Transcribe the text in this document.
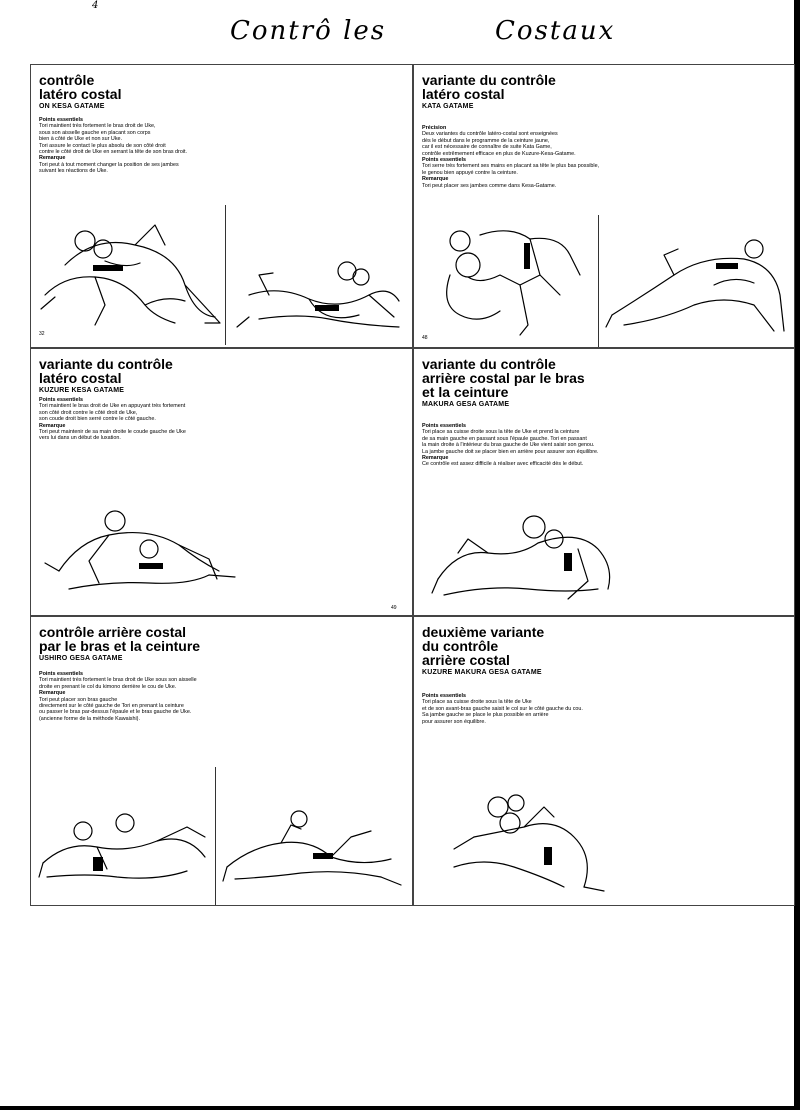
4
Contrô les	Costaux
contrôle
latéro costal
ON KESA GATAME
Points essentiels
Tori maintient très fortement le bras droit de Uke,
sous son aisselle gauche en placant son corps
bien à côté de Uke et non sur Uke.
Tori assure le contact le plus absolu de son côté droit
contre le côté droit de Uke en serrant la tête de son bras droit.
Remarque
Tori peut à tout moment changer la position de ses jambes
suivant les réactions de Uke.
32
variante du contrôle
latéro costal
KATA GATAME
Précision
Deux variantes du contrôle latéro-costal sont enseignées
dès le début dans le programme de la ceinture jaune,
car il est nécessaire de connaître de suite Kata Game,
contrôle extrêmement efficace en plus de Kuzure-Kesa-Gatame.
Points essentiels
Tori serre très fortement ses mains en placant sa tête le plus bas possible,
le genou bien appuyé contre la ceinture.
Remarque
Tori peut placer ses jambes comme dans Kesa-Gatame.
48
variante du contrôle
latéro costal
KUZURE KESA GATAME
Points essentiels
Tori maintient le bras droit de Uke en appuyant très fortement
son côté droit contre le côté droit de Uke,
son coude droit bien serré contre le côté gauche.
Remarque
Tori peut maintenir de sa main droite le coude gauche de Uke
vers lui dans un début de luxation.
49
variante du contrôle
arrière costal par le bras
et la ceinture
MAKURA GESA GATAME
Points essentiels
Tori place sa cuisse droite sous la tête de Uke et prend la ceinture
de sa main gauche en passant sous l'épaule gauche. Tori en passant
la main droite à l'intérieur du bras gauche de Uke vient saisir son genou.
La jambe gauche doit se placer bien en arrière pour assurer son équilibre.
Remarque
Ce contrôle est assez difficile à réaliser avec efficacité dès le début.
contrôle arrière costal
par le bras et la ceinture
USHIRO GESA GATAME
Points essentiels
Tori maintient très fortement le bras droit de Uke sous son aisselle
droite en prenant le col du kimono derrière le cou de Uke.
Remarque
Tori peut placer son bras gauche
directement sur le côté gauche de Tori en prenant la ceinture
ou passer le bras par-dessus l'épaule et le bras gauche de Uke.
(ancienne forme de la méthode Kawaishi).
deuxième variante
du contrôle
arrière costal
KUZURE MAKURA GESA GATAME
Points essentiels
Tori place sa cuisse droite sous la tête de Uke
et de son avant-bras gauche saisit le col sur le côté gauche du cou.
Sa jambe gauche se place le plus possible en arrière
pour assurer son équilibre.
